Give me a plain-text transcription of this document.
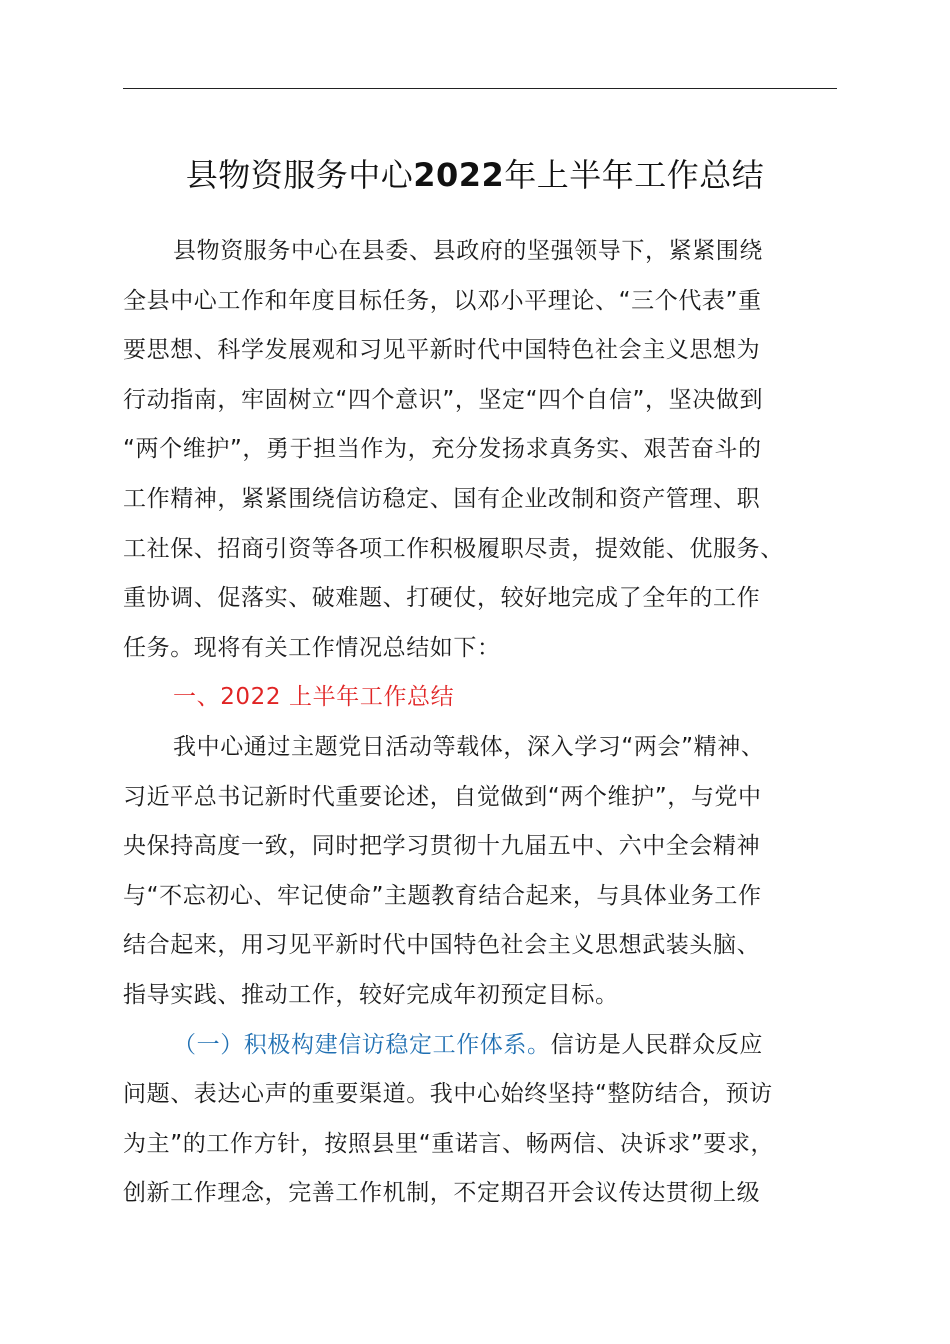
县物资服务中心2022年上半年工作总结
县物资服务中心在县委、县政府的坚强领导下，紧紧围绕
全县中心工作和年度目标任务，以邓小平理论、“三个代表”重
要思想、科学发展观和习见平新时代中国特色社会主义思想为
行动指南，牢固树立“四个意识”，坚定“四个自信”，坚决做到
“两个维护”，勇于担当作为，充分发扬求真务实、艰苦奋斗的
工作精神，紧紧围绕信访稳定、国有企业改制和资产管理、职
工社保、招商引资等各项工作积极履职尽责，提效能、优服务、
重协调、促落实、破难题、打硬仗，较好地完成了全年的工作
任务。现将有关工作情况总结如下：
一、2022 上半年工作总结
我中心通过主题党日活动等载体，深入学习“两会”精神、
习近平总书记新时代重要论述，自觉做到“两个维护”，与党中
央保持高度一致，同时把学习贯彻十九届五中、六中全会精神
与“不忘初心、牢记使命”主题教育结合起来，与具体业务工作
结合起来，用习见平新时代中国特色社会主义思想武装头脑、
指导实践、推动工作，较好完成年初预定目标。
（一）积极构建信访稳定工作体系。信访是人民群众反应
问题、表达心声的重要渠道。我中心始终坚持“整防结合，预访
为主”的工作方针，按照县里“重诺言、畅两信、决诉求”要求，
创新工作理念，完善工作机制，不定期召开会议传达贯彻上级
